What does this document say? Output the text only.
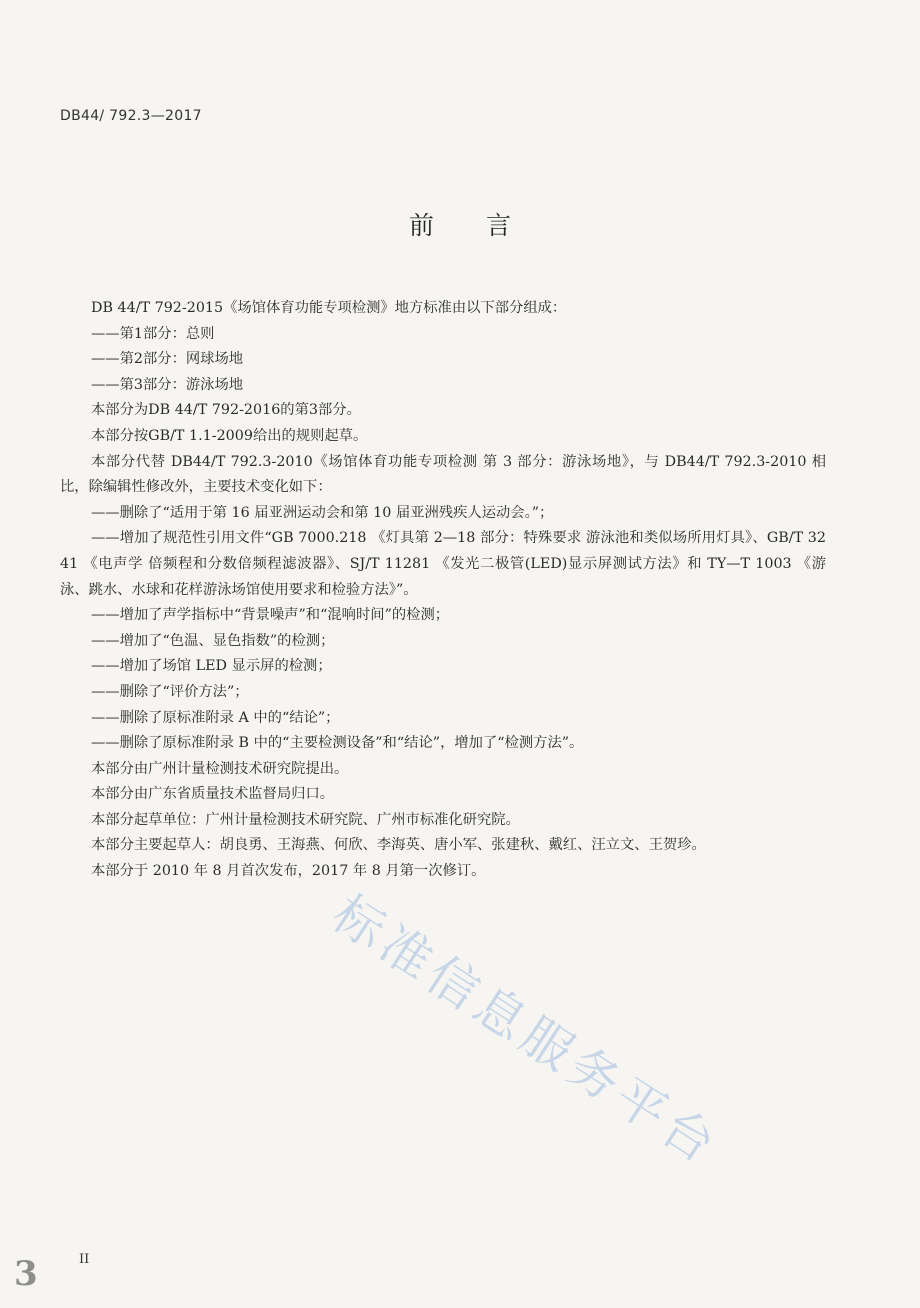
DB44/ 792.3—2017
前言

DB 44/T 792-2015《场馆体育功能专项检测》地方标准由以下部分组成：

——第1部分：总则

——第2部分：网球场地

——第3部分：游泳场地

本部分为DB 44/T 792-2016的第3部分。

本部分按GB/T 1.1-2009给出的规则起草。

本部分代替 DB44/T 792.3-2010《场馆体育功能专项检测 第 3 部分：游泳场地》，与 DB44/T 792.3-2010 相比，除编辑性修改外，主要技术变化如下：

——删除了“适用于第 16 届亚洲运动会和第 10 届亚洲残疾人运动会。”；

——增加了规范性引用文件“GB 7000.218 《灯具第 2—18 部分：特殊要求 游泳池和类似场所用灯具》、GB/T 3241 《电声学 倍频程和分数倍频程滤波器》、SJ/T 11281 《发光二极管(LED)显示屏测试方法》和 TY—T 1003 《游泳、跳水、水球和花样游泳场馆使用要求和检验方法》”。

——增加了声学指标中“背景噪声”和“混响时间”的检测；

——增加了“色温、显色指数”的检测；

——增加了场馆 LED 显示屏的检测；

——删除了“评价方法”；

——删除了原标准附录 A 中的“结论”；

——删除了原标准附录 B 中的“主要检测设备”和“结论”，增加了“检测方法”。

本部分由广州计量检测技术研究院提出。

本部分由广东省质量技术监督局归口。

本部分起草单位：广州计量检测技术研究院、广州市标准化研究院。

本部分主要起草人：胡良勇、王海燕、何欣、李海英、唐小军、张建秋、戴红、汪立文、王贺珍。

本部分于 2010 年 8 月首次发布，2017 年 8 月第一次修订。

标准信息服务平台
3	II
